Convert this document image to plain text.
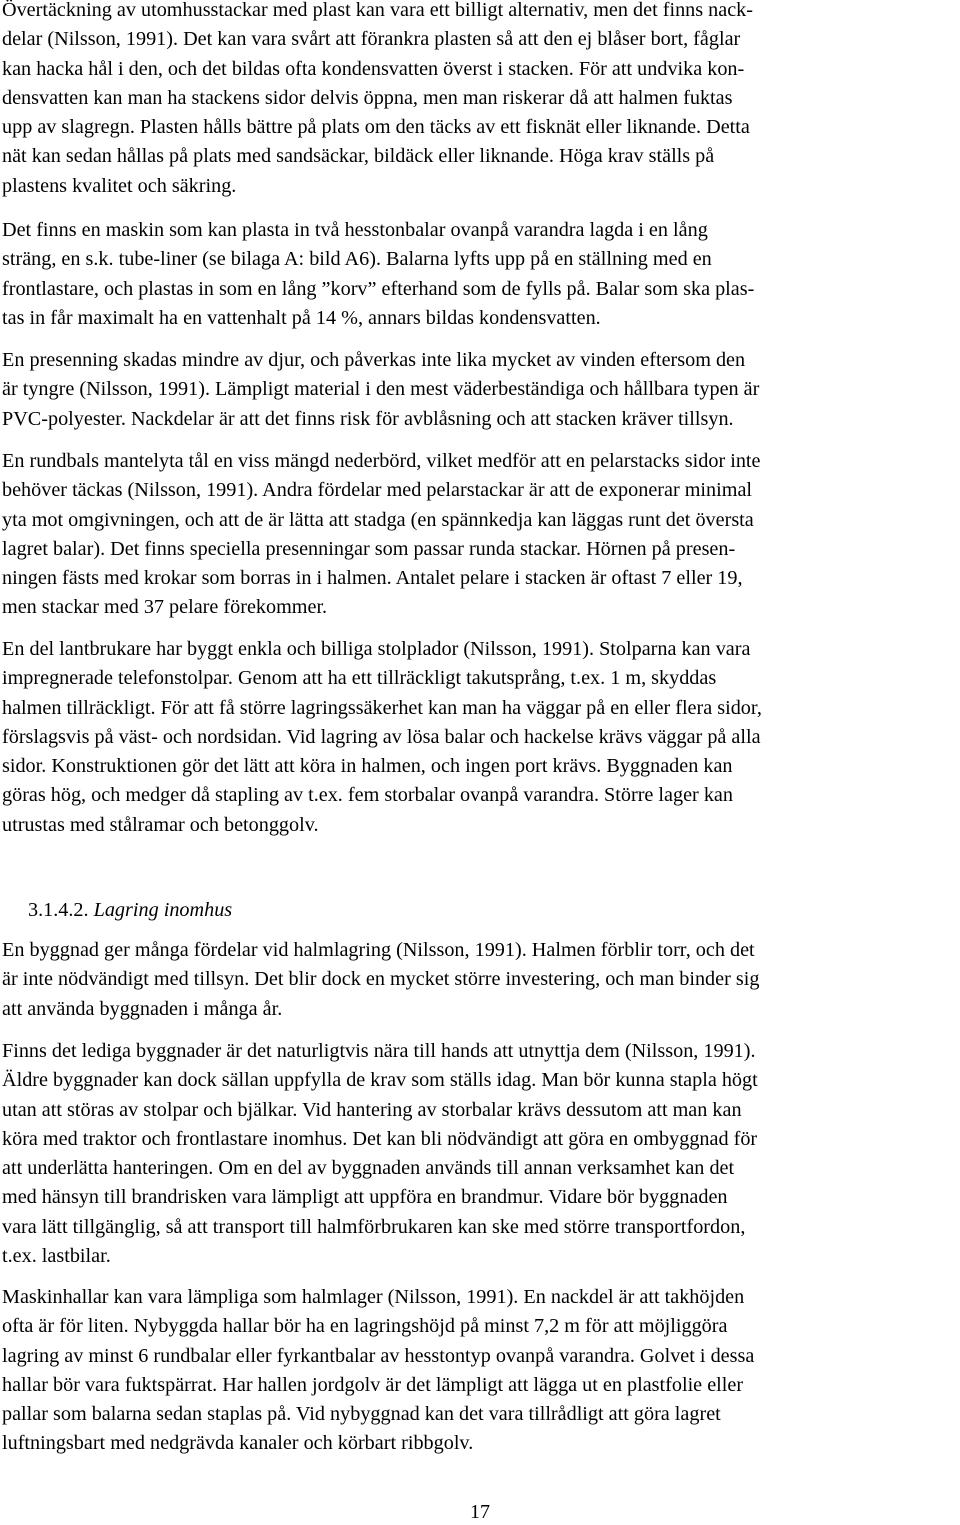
Övertäckning av utomhusstackar med plast kan vara ett billigt alternativ, men det finns nack-
delar (Nilsson, 1991). Det kan vara svårt att förankra plasten så att den ej blåser bort, fåglar
kan hacka hål i den, och det bildas ofta kondensvatten överst i stacken. För att undvika kon-
densvatten kan man ha stackens sidor delvis öppna, men man riskerar då att halmen fuktas
upp av slagregn. Plasten hålls bättre på plats om den täcks av ett fisknät eller liknande. Detta
nät kan sedan hållas på plats med sandsäckar, bildäck eller liknande. Höga krav ställs på
plastens kvalitet och säkring.

Det finns en maskin som kan plasta in två hesstonbalar ovanpå varandra lagda i en lång
sträng, en s.k. tube-liner (se bilaga A: bild A6). Balarna lyfts upp på en ställning med en
frontlastare, och plastas in som en lång ”korv” efterhand som de fylls på. Balar som ska plas-
tas in får maximalt ha en vattenhalt på 14 %, annars bildas kondensvatten.

En presenning skadas mindre av djur, och påverkas inte lika mycket av vinden eftersom den
är tyngre (Nilsson, 1991). Lämpligt material i den mest väderbeständiga och hållbara typen är
PVC-polyester. Nackdelar är att det finns risk för avblåsning och att stacken kräver tillsyn.

En rundbals mantelyta tål en viss mängd nederbörd, vilket medför att en pelarstacks sidor inte
behöver täckas (Nilsson, 1991). Andra fördelar med pelarstackar är att de exponerar minimal
yta mot omgivningen, och att de är lätta att stadga (en spännkedja kan läggas runt det översta
lagret balar). Det finns speciella presenningar som passar runda stackar. Hörnen på presen-
ningen fästs med krokar som borras in i halmen. Antalet pelare i stacken är oftast 7 eller 19,
men stackar med 37 pelare förekommer.

En del lantbrukare har byggt enkla och billiga stolplador (Nilsson, 1991). Stolparna kan vara
impregnerade telefonstolpar. Genom att ha ett tillräckligt takutsprång, t.ex. 1 m, skyddas
halmen tillräckligt. För att få större lagringssäkerhet kan man ha väggar på en eller flera sidor,
förslagsvis på väst- och nordsidan. Vid lagring av lösa balar och hackelse krävs väggar på alla
sidor. Konstruktionen gör det lätt att köra in halmen, och ingen port krävs. Byggnaden kan
göras hög, och medger då stapling av t.ex. fem storbalar ovanpå varandra. Större lager kan
utrustas med stålramar och betonggolv.

3.1.4.2. Lagring inomhus

En byggnad ger många fördelar vid halmlagring (Nilsson, 1991). Halmen förblir torr, och det
är inte nödvändigt med tillsyn. Det blir dock en mycket större investering, och man binder sig
att använda byggnaden i många år.

Finns det lediga byggnader är det naturligtvis nära till hands att utnyttja dem (Nilsson, 1991).
Äldre byggnader kan dock sällan uppfylla de krav som ställs idag. Man bör kunna stapla högt
utan att störas av stolpar och bjälkar. Vid hantering av storbalar krävs dessutom att man kan
köra med traktor och frontlastare inomhus. Det kan bli nödvändigt att göra en ombyggnad för
att underlätta hanteringen. Om en del av byggnaden används till annan verksamhet kan det
med hänsyn till brandrisken vara lämpligt att uppföra en brandmur. Vidare bör byggnaden
vara lätt tillgänglig, så att transport till halmförbrukaren kan ske med större transportfordon,
t.ex. lastbilar.

Maskinhallar kan vara lämpliga som halmlager (Nilsson, 1991). En nackdel är att takhöjden
ofta är för liten. Nybyggda hallar bör ha en lagringshöjd på minst 7,2 m för att möjliggöra
lagring av minst 6 rundbalar eller fyrkantbalar av hesstontyp ovanpå varandra. Golvet i dessa
hallar bör vara fuktspärrat. Har hallen jordgolv är det lämpligt att lägga ut en plastfolie eller
pallar som balarna sedan staplas på. Vid nybyggnad kan det vara tillrådligt att göra lagret
luftningsbart med nedgrävda kanaler och körbart ribbgolv.

17
